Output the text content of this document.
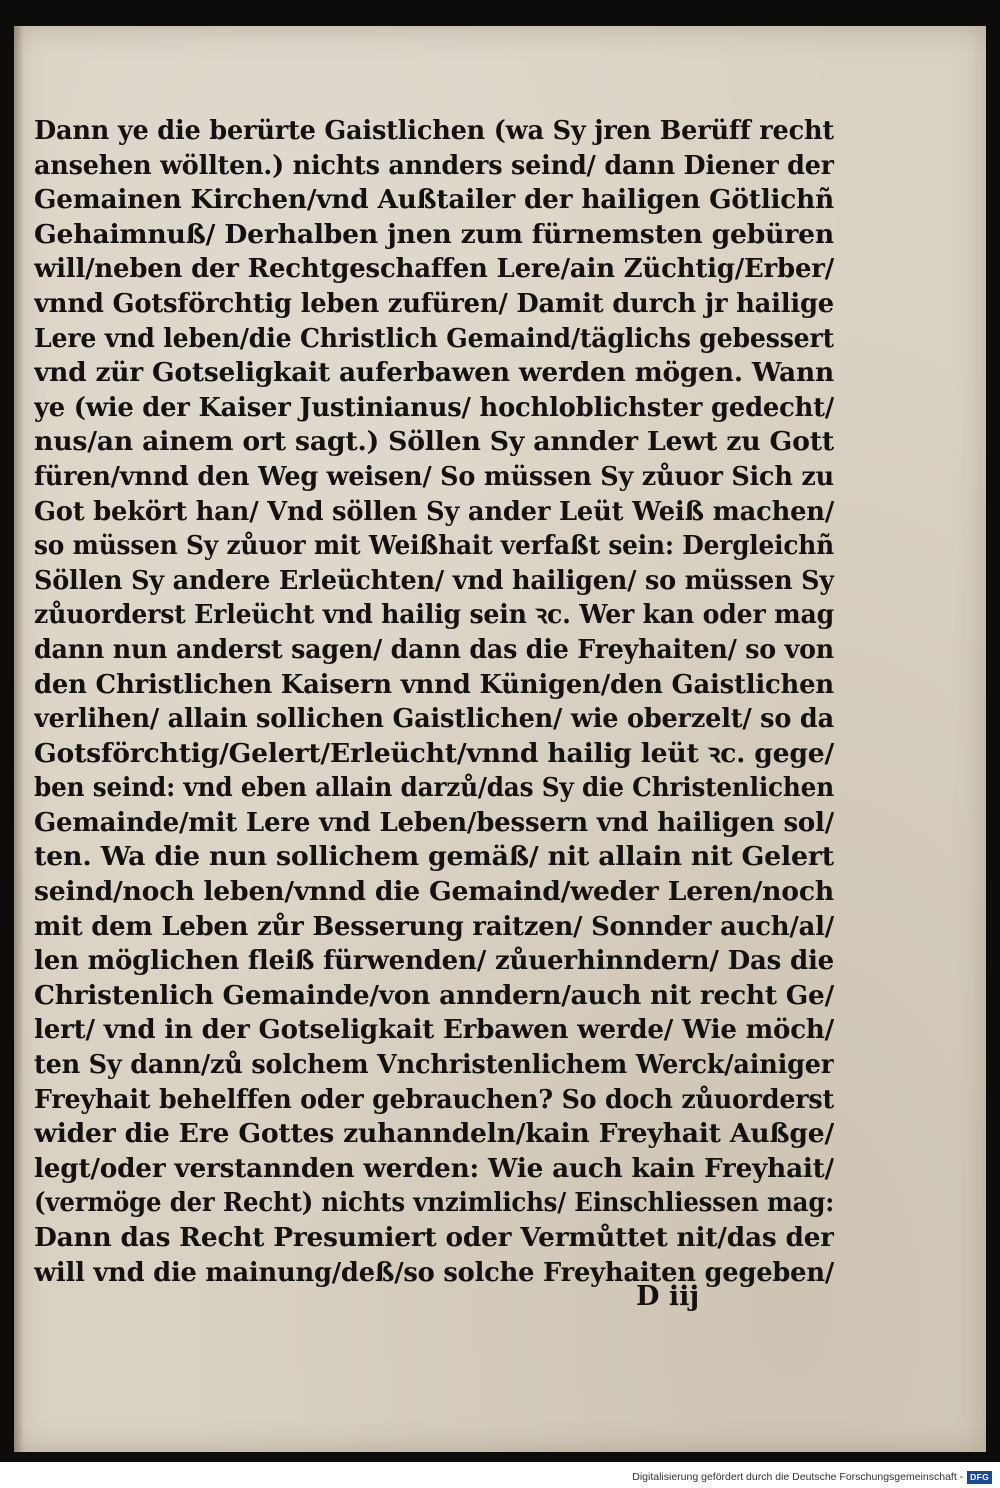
Dann ye die berürte Gaistlichen (wa Sy jren Berüff recht
ansehen wöllten.) nichts annders seind/ dann Diener der
Gemainen Kirchen/vnd Außtailer der hailigen Götlichñ
Gehaimnuß/ Derhalben jnen zum fürnemsten gebüren
will/neben der Rechtgeschaffen Lere/ain Züchtig/Erber/
vnnd Gotsförchtig leben zufüren/ Damit durch jr hailige
Lere vnd leben/die Christlich Gemaind/täglichs gebessert
vnd zür Gotseligkait auferbawen werden mögen. Wann
ye (wie der Kaiser Justinianus/ hochloblichster gedecht/
nus/an ainem ort sagt.) Söllen Sy annder Lewt zu Gott
füren/vnnd den Weg weisen/ So müssen Sy zůuor Sich zu
Got bekört han/ Vnd söllen Sy ander Leüt Weiß machen/
so müssen Sy zůuor mit Weißhait verfaßt sein: Dergleichñ
Söllen Sy andere Erleüchten/ vnd hailigen/ so müssen Sy
zůuorderst Erleücht vnd hailig sein ꝛc. Wer kan oder mag
dann nun anderst sagen/ dann das die Freyhaiten/ so von
den Christlichen Kaisern vnnd Künigen/den Gaistlichen
verlihen/ allain sollichen Gaistlichen/ wie oberzelt/ so da
Gotsförchtig/Gelert/Erleücht/vnnd hailig leüt ꝛc. gege/
ben seind: vnd eben allain darzů/das Sy die Christenlichen
Gemainde/mit Lere vnd Leben/bessern vnd hailigen sol/
ten. Wa die nun sollichem gemäß/ nit allain nit Gelert
seind/noch leben/vnnd die Gemaind/weder Leren/noch
mit dem Leben zůr Besserung raitzen/ Sonnder auch/al/
len möglichen fleiß fürwenden/ zůuerhinndern/ Das die
Christenlich Gemainde/von anndern/auch nit recht Ge/
lert/ vnd in der Gotseligkait Erbawen werde/ Wie möch/
ten Sy dann/zů solchem Vnchristenlichem Werck/ainiger
Freyhait behelffen oder gebrauchen? So doch zůuorderst
wider die Ere Gottes zuhanndeln/kain Freyhait Außge/
legt/oder verstannden werden: Wie auch kain Freyhait/
(vermöge der Recht) nichts vnzimlichs/ Einschliessen mag:
Dann das Recht Presumiert oder Vermůttet nit/das der
will vnd die mainung/deß/so solche Freyhaiten gegeben/
D iij
Digitalisierung gefördert durch die Deutsche Forschungsgemeinschaft - DFG
